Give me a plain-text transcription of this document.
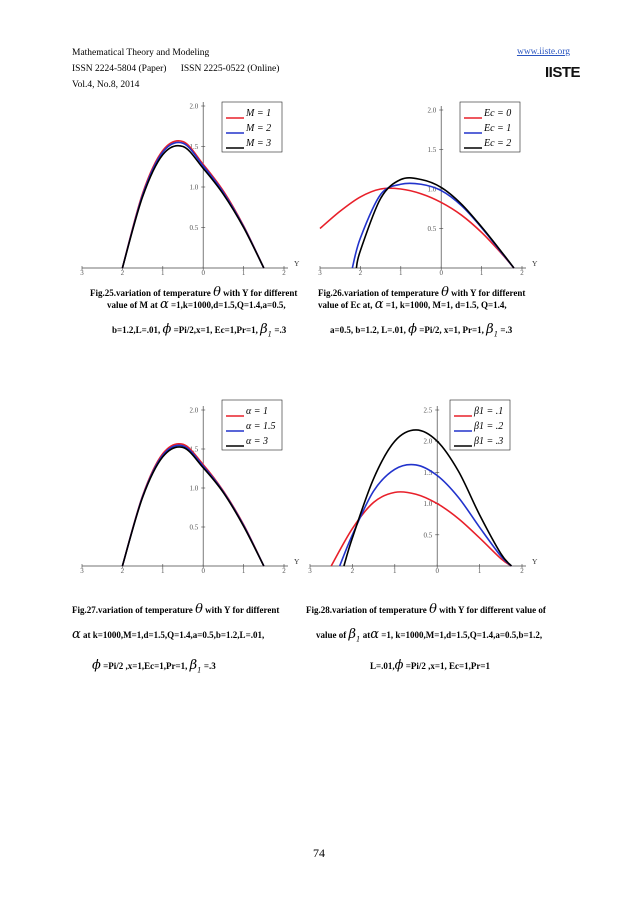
Mathematical Theory and Modeling
ISSN 2224-5804 (Paper)      ISSN 2225-0522 (Online)
Vol.4, No.8, 2014
www.iiste.org
IISTE
3	2	1	0	1	2
0.5
1.0
1.5
2.0
Y
M = 1
M = 2
M = 3
3	2	1	0	1	2
0.5
1.0
1.5
2.0
Y
Ec = 0
Ec = 1
Ec = 2
3	2	1	0	1	2
0.5
1.0
1.5
2.0
Y
α = 1
α = 1.5
α = 3
3	2	1	0	1	2
0.5
1.0
1.5
2.0
2.5
Y
β1 = .1
β1 = .2
β1 = .3
Fig.25.variation of temperature θ with Y for different
value of M at α =1,k=1000,d=1.5,Q=1.4,a=0.5,
b=1.2,L=.01, ϕ =Pi/2,x=1, Ec=1,Pr=1, $\beta_1 =.3$
Fig.26.variation of temperature θ with Y for different
value of Ec at, α =1, k=1000, M=1, d=1.5, Q=1.4,
a=0.5, b=1.2, L=.01, ϕ =Pi/2, x=1, Pr=1, $\beta_1 =.3$
Fig.27.variation of temperature θ with Y for different
α at k=1000,M=1,d=1.5,Q=1.4,a=0.5,b=1.2,L=.01,
ϕ =Pi/2 ,x=1,Ec=1,Pr=1, $\beta_1 =.3$
Fig.28.variation of temperature θ with Y for different value of
value of $\beta_1$ atα =1, k=1000,M=1,d=1.5,Q=1.4,a=0.5,b=1.2,
L=.01,ϕ =Pi/2 ,x=1, Ec=1,Pr=1
74
